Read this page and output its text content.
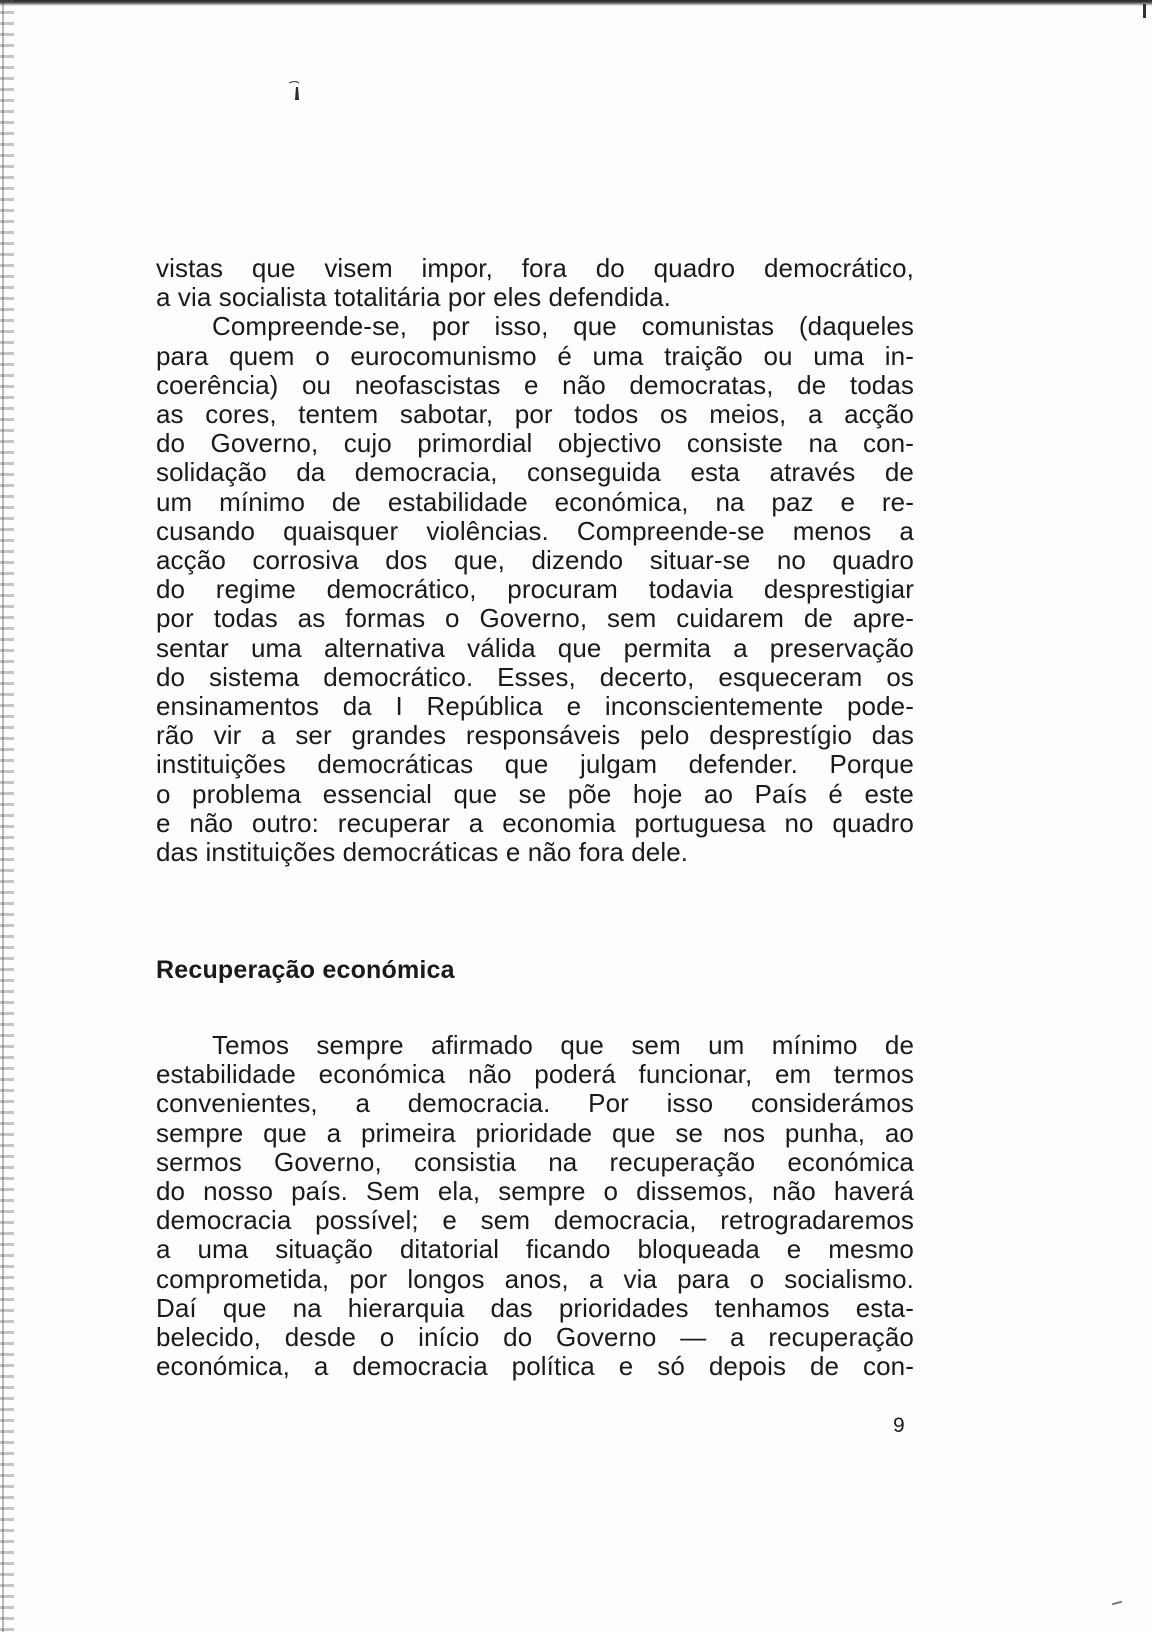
vistas que visem impor, fora do quadro democrático,
a via socialista totalitária por eles defendida.
Compreende-se, por isso, que comunistas (daqueles
para quem o eurocomunismo é uma traição ou uma in-
coerência) ou neofascistas e não democratas, de todas
as cores, tentem sabotar, por todos os meios, a acção
do Governo, cujo primordial objectivo consiste na con-
solidação da democracia, conseguida esta através de
um mínimo de estabilidade económica, na paz e re-
cusando quaisquer violências. Compreende-se menos a
acção corrosiva dos que, dizendo situar-se no quadro
do regime democrático, procuram todavia desprestigiar
por todas as formas o Governo, sem cuidarem de apre-
sentar uma alternativa válida que permita a preservação
do sistema democrático. Esses, decerto, esqueceram os
ensinamentos da I República e inconscientemente pode-
rão vir a ser grandes responsáveis pelo desprestígio das
instituições democráticas que julgam defender. Porque
o problema essencial que se põe hoje ao País é este
e não outro: recuperar a economia portuguesa no quadro
das instituições democráticas e não fora dele.
Recuperação económica
Temos sempre afirmado que sem um mínimo de
estabilidade económica não poderá funcionar, em termos
convenientes, a democracia. Por isso considerámos
sempre que a primeira prioridade que se nos punha, ao
sermos Governo, consistia na recuperação económica
do nosso país. Sem ela, sempre o dissemos, não haverá
democracia possível; e sem democracia, retrogradaremos
a uma situação ditatorial ficando bloqueada e mesmo
comprometida, por longos anos, a via para o socialismo.
Daí que na hierarquia das prioridades tenhamos esta-
belecido, desde o início do Governo — a recuperação
económica, a democracia política e só depois de con-
9
